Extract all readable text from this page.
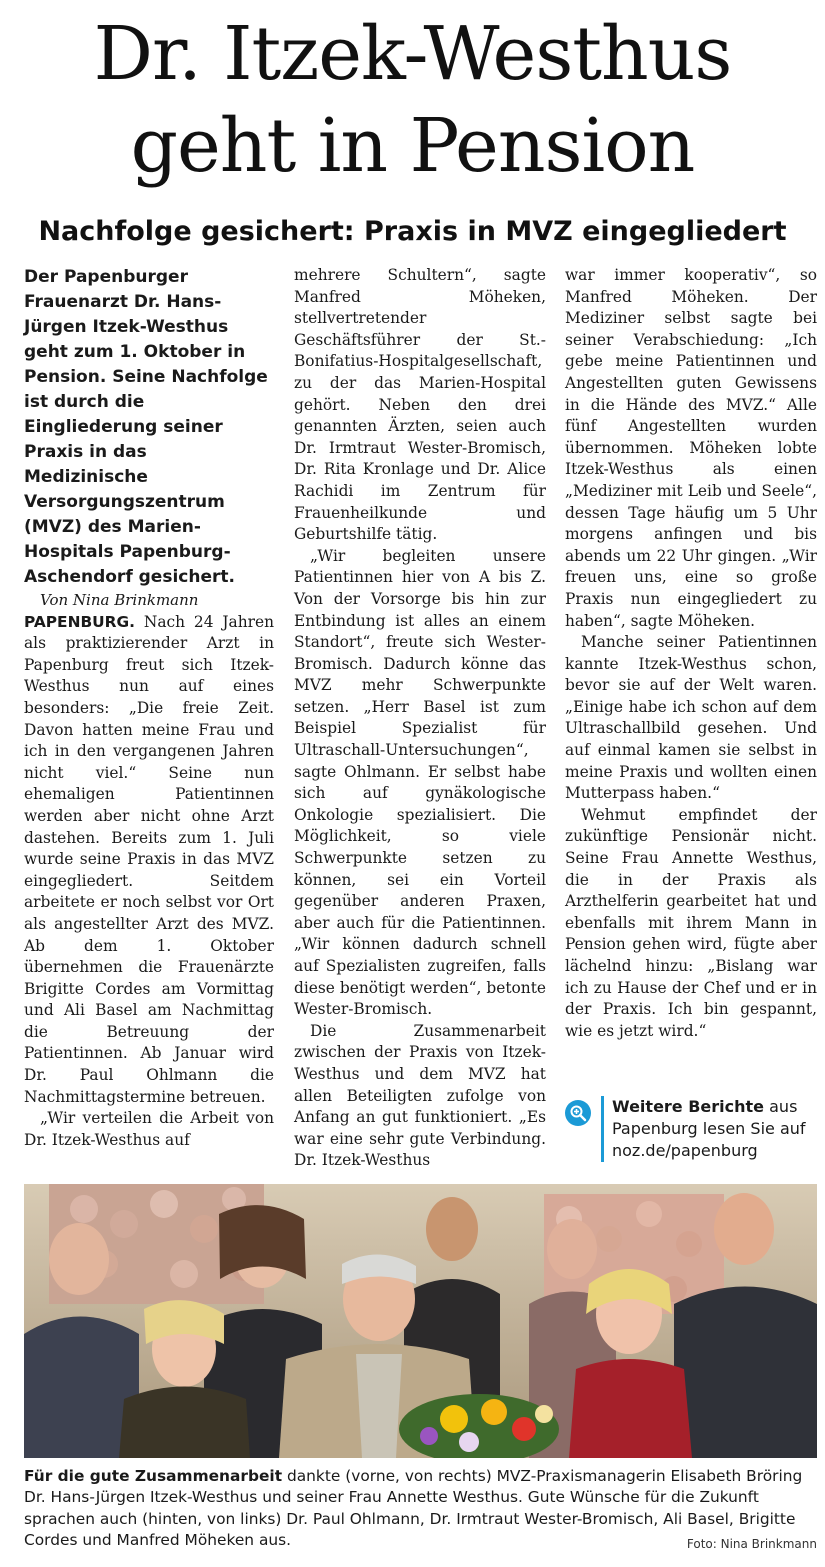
Dr. Itzek-Westhus
geht in Pension
Nachfolge gesichert: Praxis in MVZ eingegliedert

Der Papenburger Frauenarzt Dr. Hans-Jürgen Itzek-Westhus geht zum 1. Oktober in Pension. Seine Nachfolge ist durch die Eingliederung seiner Praxis in das Medizinische Versorgungszentrum (MVZ) des Marien-Hospitals Papenburg-Aschendorf gesichert.

Von Nina Brinkmann

PAPENBURG. Nach 24 Jahren als praktizierender Arzt in Papenburg freut sich Itzek-Westhus nun auf eines besonders: „Die freie Zeit. Davon hatten meine Frau und ich in den vergangenen Jahren nicht viel.“ Seine nun ehemaligen Patientinnen werden aber nicht ohne Arzt dastehen. Bereits zum 1. Juli wurde seine Praxis in das MVZ eingegliedert. Seitdem arbeitete er noch selbst vor Ort als angestellter Arzt des MVZ. Ab dem 1. Oktober übernehmen die Frauenärzte Brigitte Cordes am Vormittag und Ali Basel am Nachmittag die Betreuung der Patientinnen. Ab Januar wird Dr. Paul Ohlmann die Nachmittagstermine betreuen.

„Wir verteilen die Arbeit von Dr. Itzek-Westhus auf

mehrere Schultern“, sagte Manfred Möheken, stellvertretender Geschäftsführer der St.-Bonifatius-Hospitalgesellschaft, zu der das Marien-Hospital gehört. Neben den drei genannten Ärzten, seien auch Dr. Irmtraut Wester-Bromisch, Dr. Rita Kronlage und Dr. Alice Rachidi im Zentrum für Frauenheilkunde und Geburtshilfe tätig.

„Wir begleiten unsere Patientinnen hier von A bis Z. Von der Vorsorge bis hin zur Entbindung ist alles an einem Standort“, freute sich Wester-Bromisch. Dadurch könne das MVZ mehr Schwerpunkte setzen. „Herr Basel ist zum Beispiel Spezialist für Ultraschall-Untersuchungen“, sagte Ohlmann. Er selbst habe sich auf gynäkologische Onkologie spezialisiert. Die Möglichkeit, so viele Schwerpunkte setzen zu können, sei ein Vorteil gegenüber anderen Praxen, aber auch für die Patientinnen. „Wir können dadurch schnell auf Spezialisten zugreifen, falls diese benötigt werden“, betonte Wester-Bromisch.

Die Zusammenarbeit zwischen der Praxis von Itzek-Westhus und dem MVZ hat allen Beteiligten zufolge von Anfang an gut funktioniert. „Es war eine sehr gute Verbindung. Dr. Itzek-Westhus

war immer kooperativ“, so Manfred Möheken. Der Mediziner selbst sagte bei seiner Verabschiedung: „Ich gebe meine Patientinnen und Angestellten guten Gewissens in die Hände des MVZ.“ Alle fünf Angestellten wurden übernommen. Möheken lobte Itzek-Westhus als einen „Mediziner mit Leib und Seele“, dessen Tage häufig um 5 Uhr morgens anfingen und bis abends um 22 Uhr gingen. „Wir freuen uns, eine so große Praxis nun eingegliedert zu haben“, sagte Möheken.

Manche seiner Patientinnen kannte Itzek-Westhus schon, bevor sie auf der Welt waren. „Einige habe ich schon auf dem Ultraschallbild gesehen. Und auf einmal kamen sie selbst in meine Praxis und wollten einen Mutterpass haben.“

Wehmut empfindet der zukünftige Pensionär nicht. Seine Frau Annette Westhus, die in der Praxis als Arzthelferin gearbeitet hat und ebenfalls mit ihrem Mann in Pension gehen wird, fügte aber lächelnd hinzu: „Bislang war ich zu Hause der Chef und er in der Praxis. Ich bin gespannt, wie es jetzt wird.“

Weitere Berichte aus Papenburg lesen Sie auf noz.de/papenburg
Für die gute Zusammenarbeit dankte (vorne, von rechts) MVZ-Praxismanagerin Elisabeth Bröring Dr. Hans-Jürgen Itzek-Westhus und seiner Frau Annette Westhus. Gute Wünsche für die Zukunft sprachen auch (hinten, von links) Dr. Paul Ohlmann, Dr. Irmtraut Wester-Bromisch, Ali Basel, Brigitte Cordes und Manfred Möheken aus.	Foto: Nina Brinkmann
